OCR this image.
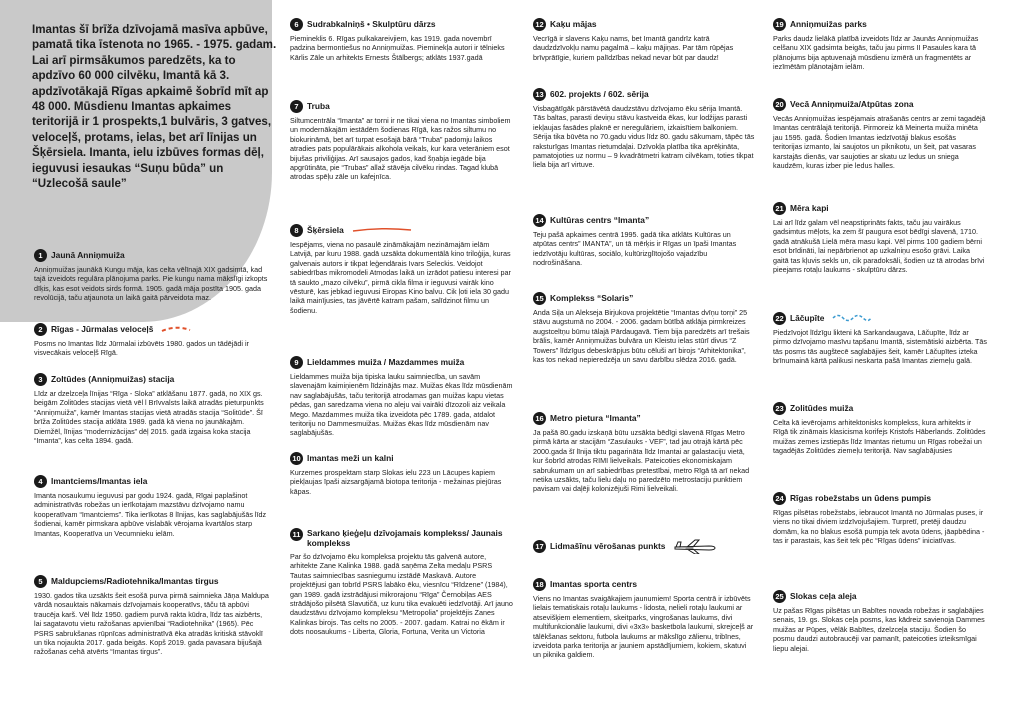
Imantas šī brīža dzīvojamā masīva apbūve, pamatā tika īstenota no 1965. - 1975. gadam. Lai arī pirmsākumos paredzēts, ka to apdzīvo 60 000 cilvēku, Imantā kā 3. apdzīvotākajā Rīgas apkaimē šobrīd mīt ap 48 000. Mūsdienu Imantas apkaimes teritorijā ir 1 prospekts,1 bulvāris, 3 gatves, veloceļš, protams, ielas, bet arī līnijas un Šķērsiela. Imanta, ielu izbūves formas dēļ, ieguvusi iesaukas “Suņu būda” un “Uzlecošā saule”
1	Jaunā Anniņmuiža
Anniņmuižas jaunākā Kungu māja, kas celta vēlīnajā XIX gadsimtā, kad tajā izveidots regulāra plānojuma parks. Pie kungu nama mākslīgi izkopts dīķis, kas esot veidots sirds formā. 1905. gadā māja postīta 1905. gada revolūcijā, taču atjaunota un laikā gaitā pārveidota maz.
2	Rīgas - Jūrmalas veloceļš
Posms no Imantas līdz Jūrmalai izbūvēts 1980. gados un tādējādi ir visvecākais veloceļš Rīgā.
3	Zoltūdes (Anniņmuižas) stacija
Līdz ar dzelzceļa līnijas “Rīga - Sloka” atklāšanu 1877. gadā, no XIX gs. beigām Zolitūdes stacijas vietā vēl l Brīvvalsts laikā atradās pieturpunkts “Anniņmuiža”, kamēr Imantas stacijas vietā atradās stacija “Solitūde”. Šī brīža Zolitūdes stacija atklāta 1989. gadā kā viena no jaunākajām. Diemžēl, līnijas “modernizācijas” dēļ 2015. gadā izgaisa koka stacija “Imanta”, kas celta 1894. gadā.
4	Imantciems/Imantas iela
Imanta nosaukumu ieguvusi par godu 1924. gadā, Rīgai paplašinot administratīvās robežas un ierīkotajam mazstāvu dzīvojamo namu kooperatīvam “Imantciems”. Tika ierīkotas 8 līnijas, kas saglabājušās līdz šodienai, kamēr pirmskara apbūve vislabāk vērojama kvartālos starp Imantas, Kooperatīva un Vecumnieku ielām.
5	Maldupciems/Radiotehnika/Imantas tirgus
1930. gados tika uzsākts šeit esošā purva pirmā saimnieka Jāņa Maldupa vārdā nosauktais nākamais dzīvojamais kooperatīvs, tāču tā apbūvi traucēja karš. Vēl līdz 1950. gadiem purvā rakta kūdra, līdz tas aizbērts, lai sagatavotu vietu ražošanas apvienībai “Radiotehnika” (1965). Pēc PSRS sabrukšanas rūpnīcas administratīvā ēka atradās kritiskā stāvoklī un tika nojaukta 2017. gada beigās. Kopš 2019. gada pavasara bijušajā ražošanas cehā atvērts “Imantas tirgus”.
6	Sudrabkalniņš • Skulptūru dārzs
Piemineklis 6. Rīgas pulkakareivjiem, kas 1919. gada novembrī padzina bermontiešus no Anniņmuižas. Pieminekļa autori ir tēlnieks Kārlis Zāle un arhitekts Ernests Štālbergs; atklāts 1937.gadā
7	Truba
Siltumcentrāla “Imanta” ar torni ir ne tikai viena no Imantas simboliem un modernākajām iestādēm šodienas Rīgā, kas ražos siltumu no biokurināmā, bet arī turpat esošajā bārā “Truba” padomju laikos atradies pats populārākais alkohola veikals, kur kara veterāniem esot bijušas priviliģijas. Arī sausajos gados, kad šņabja iegāde bija apgrūtināta, pie “Trubas” allaž stāvēja cilvēku rindas. Tagad klubā atrodas spēļu zāle un kafejnīca.
8	Šķērsiela
Iespējams, viena no pasaulē zināmākajām nezināmajām ielām Latvijā, par kuru 1988. gadā uzsākta dokumentālā kino triloģija, kuras galvenais autors ir tikpat leģendārais Ivars Seleckis. Veidojot sabiedrības mikromodeli Atmodas laikā un izrādot patiesu interesi par tā saukto „mazo cilvēku”, pirmā cikla filma ir ieguvusi vairāk kino vēsturē, kas jebkad ieguvusi Eiropas Kino balvu. Cik ļoti iela 30 gadu laikā mainījusies, tas jāvērtē katram pašam, salīdzinot filmu un šodienu.
9	Lieldammes muiža / Mazdammes muiža
Lieldammes muiža bija tipiska lauku saimniecība, un savām slavenajām kaimiņienēm līdzinājās maz. Muižas ēkas līdz mūsdienām nav saglabājušās, taču teritorijā atrodamas gan muižas kapu vietas pēdas, gan saredzama viena no aleju vai vairāki dīzozoli aiz veikala Mego. Mazdammes muiža tika izveidota pēc 1789. gada, atdalot teritoriju no Dammesmuižas. Muižas ēkas līdz mūsdienām nav saglabājušās.
10 Imantas meži un kalni
Kurzemes prospektam starp Slokas ielu 223 un Lācupes kapiem piekļaujas īpaši aizsargājamā biotopa teritorija - mežainas piejūras kāpas.
11 Sarkano ķieģeļu dzīvojamais komplekss/ Jaunais komplekss
Par šo dzīvojamo ēku kompleksa projektu tās galvenā autore, arhitekte Zane Kalinka 1988. gadā saņēma Zelta medaļu PSRS Tautas saimniecības sasniegumu izstādē Maskavā. Autore projektējusi gan tobrīd PSRS labāko ēku, viesnīcu “Rīdzene” (1984), gan 1989. gadā izstrādājusi mikrorajonu “Rīga” Černobiļas AES strādājošo pilsētā Slavutičā, uz kuru tika evakuēti iedzīvotāji. Arī jauno daudzstāvu dzīvojamo kompleksu “Metropolia” projektējis Zanes Kalinkas birojs. Tas celts no 2005. - 2007. gadam. Katrai no ēkām ir dots noosaukums - Liberta, Gloria, Fortuna, Verita un Victoria
12 Kaķu mājas
Vecrīgā ir slavens Kaķu nams, bet Imantā gandrīz katrā daudzdzīvokļu namu pagalmā – kaķu mājiņas. Par tām rūpējas brīvprātīgie, kuriem palīdzības nekad nevar būt par daudz!
13 602. projekts / 602. sērija
Visbagātīgāk pārstāvētā daudzstāvu dzīvojamo ēku sērija Imantā. Tās baltas, parasti deviņu stāvu kastveida ēkas, kur lodžijas parasti iekļaujas fasādes plaknē er neregulāriem, izkaisītiem balkoniem. Sērija tika būvēta no 70.gadu vidus līdz 80. gadu sākumam, tāpēc tās raksturīgas Imantas rietumdaļai. Dzīvokļa platība tika aprēķināta, pamatojoties uz normu – 9 kvadrātmetri katram cilvēkam, toties tikpat liela bija arī virtuve.
14 Kultūras centrs “Imanta”
Teju pašā apkaimes centrā 1995. gadā tika atklāts Kultūras un atpūtas centrs” IMANTA”, un tā mērķis ir Rīgas un īpaši Imantas iedzīvotāju kultūras, sociālo, kultūrizglītojošo vajadzību nodrošināšana.
15 Komplekss “Solaris”
Anda Siļa un Alekseja Birjukova projektētie “Imantas dvīņu torņi” 25 stāvu augstumā no 2004. - 2006. gadam būtībā atklāja pirmkreizes augstceltņu būmu tālajā Pārdaugavā. Tiem bija paredzēts arī trešais brālis, kamēr Anniņmuižas bulvāra un Kleistu ielas stūrī divus “Z Towers” līdzīgus debeskrāpjus būtu cēluši arī birojs “Arhitektonika”, kas tos nekad nepieredzēja un savu darbību slēdza 2016. gadā.
16 Metro pietura “Imanta”
Ja pašā 80.gadu izskaņā būtu uzsākta bēdīgi slavenā Rīgas Metro pirmā kārta ar stacijām “Zasulauks - VEF”, tad jau otrajā kārtā pēc 2000.gada šī līnija tiktu pagarināta līdz Imantai ar galastaciju vietā, kur šobrīd atrodas RIMI lielveikals. Pateicoties ekonomiskajam sabrukumam un arī sabiedrības pretestībai, metro Rīgā tā arī nekad netika uzsākts, taču lielu daļu no paredzēto metrostaciju punktiem pavisam vai daļēji kolonizējuši Rimi lielveikali.
17 Lidmašīnu vērošanas punkts
18 Imantas sporta centrs
Viens no Imantas svaigākajiem jaunumiem! Sporta centrā ir izbūvēts lielais tematiskais rotaļu laukums - lidosta, nelieli rotaļu laukumi ar atsevišķiem elementiem, skeitparks, vingrošanas laukums, divi multifunkcionālie laukumi, divi «3x3» basketbola laukumi, skrejceļš ar tālēkšanas sektoru, futbola laukums ar mākslīgo zālienu, tribīnes, izveidota parka teritorija ar jauniem apstādījumiem, kokiem, skatuvi un piknika galdiem.
19 Anniņmuižas parks
Parks daudz lielākā platībā izveidots līdz ar Jaunās Anniņmuižas celšanu XIX gadsimta beigās, taču jau pirms II Pasaules kara tā plānojums bija aptuvenajā mūsdienu izmērā un fragmentēts ar iezīmētām plānotajām ielām.
20 Vecā Anniņmuiža/Atpūtas zona
Vecās Anniņmuižas iespējamais atrašanās centrs ar zemi tagadējā Imantas centrālajā teritorijā. Pirmoreiz kā Meinerta muiža minēta jau 1595. gadā. Šodien Imantas iedzīvotāji blakus esošās teritorijas izmanto, lai saujotos un piknikotu, un šeit, pat vasaras karstajās dienās, var saujoties ar skatu uz ledus un sniega kaudzēm, kuras izber pie ledus halles.
21 Mēra kapi
Lai arī līdz galam vēl neapstiprināts fakts, taču jau vairākus gadsimtus mēļots, ka zem šī paugura esot bēdīgi slavenā, 1710. gadā atnākušā Lielā mēra masu kapi. Vēl pirms 100 gadiem bērni esot brīdināti, lai nepārbrienot ap uzkalniņu esošo grāvi. Laika gaitā tas kļuvis sekls un, cik paradoksāli, šodien uz tā atrodas brīvi pieejams rotaļu laukums - skulptūru dārzs.
22 Lāčupīte
Piedzīvojot līdzīgu likteni kā Sarkandaugava, Lāčupīte, līdz ar pirmo dzīvojamo masīvu tapšanu Imantā, sistemātiski aizbērta. Tās tās posms tās augštecē saglabājies šeit, kamēr Lāčupītes izteka brīnumainā kārtā palikusi neskarta pašā Imantas ziemeļu galā.
23 Zolitūdes muiža
Celta kā ievērojams arhitektonisks komplekss, kura arhitekts ir Rīgā tik zināmais klasicisma korifejs Kristofs Hāberlands. Zolitūdes muižas zemes izstiepās līdz Imantas rietumu un Rīgas robežai un tagadējās Zolitūdes ziemeļu teritorijā. Nav saglabājusies
24 Rīgas robežstabs un ūdens pumpis
Rīgas pilsētas robežstabs, iebraucot Imantā no Jūrmalas puses, ir viens no tikai diviem izdzīvojušajiem. Turpretī, pretēji daudzu domām, ka no blakus esošā pumpja tek avota ūdens, jāapbēdina - tas ir parastais, kas šeit tek pēc “Rīgas ūdens” iniciatīvas.
25 Slokas ceļa aleja
Uz pašas Rīgas pilsētas un Babītes novada robežas ir saglabājies senais, 19. gs. Slokas ceļa posms, kas kādreiz savienoja Dammes muižas ar Pūpes, vēlāk Babītes, dzelzceļa staciju. Šodien šo posmu daudzi autobraucēji var pamanīt, pateicoties izteiksmīgai liepu alejai.
